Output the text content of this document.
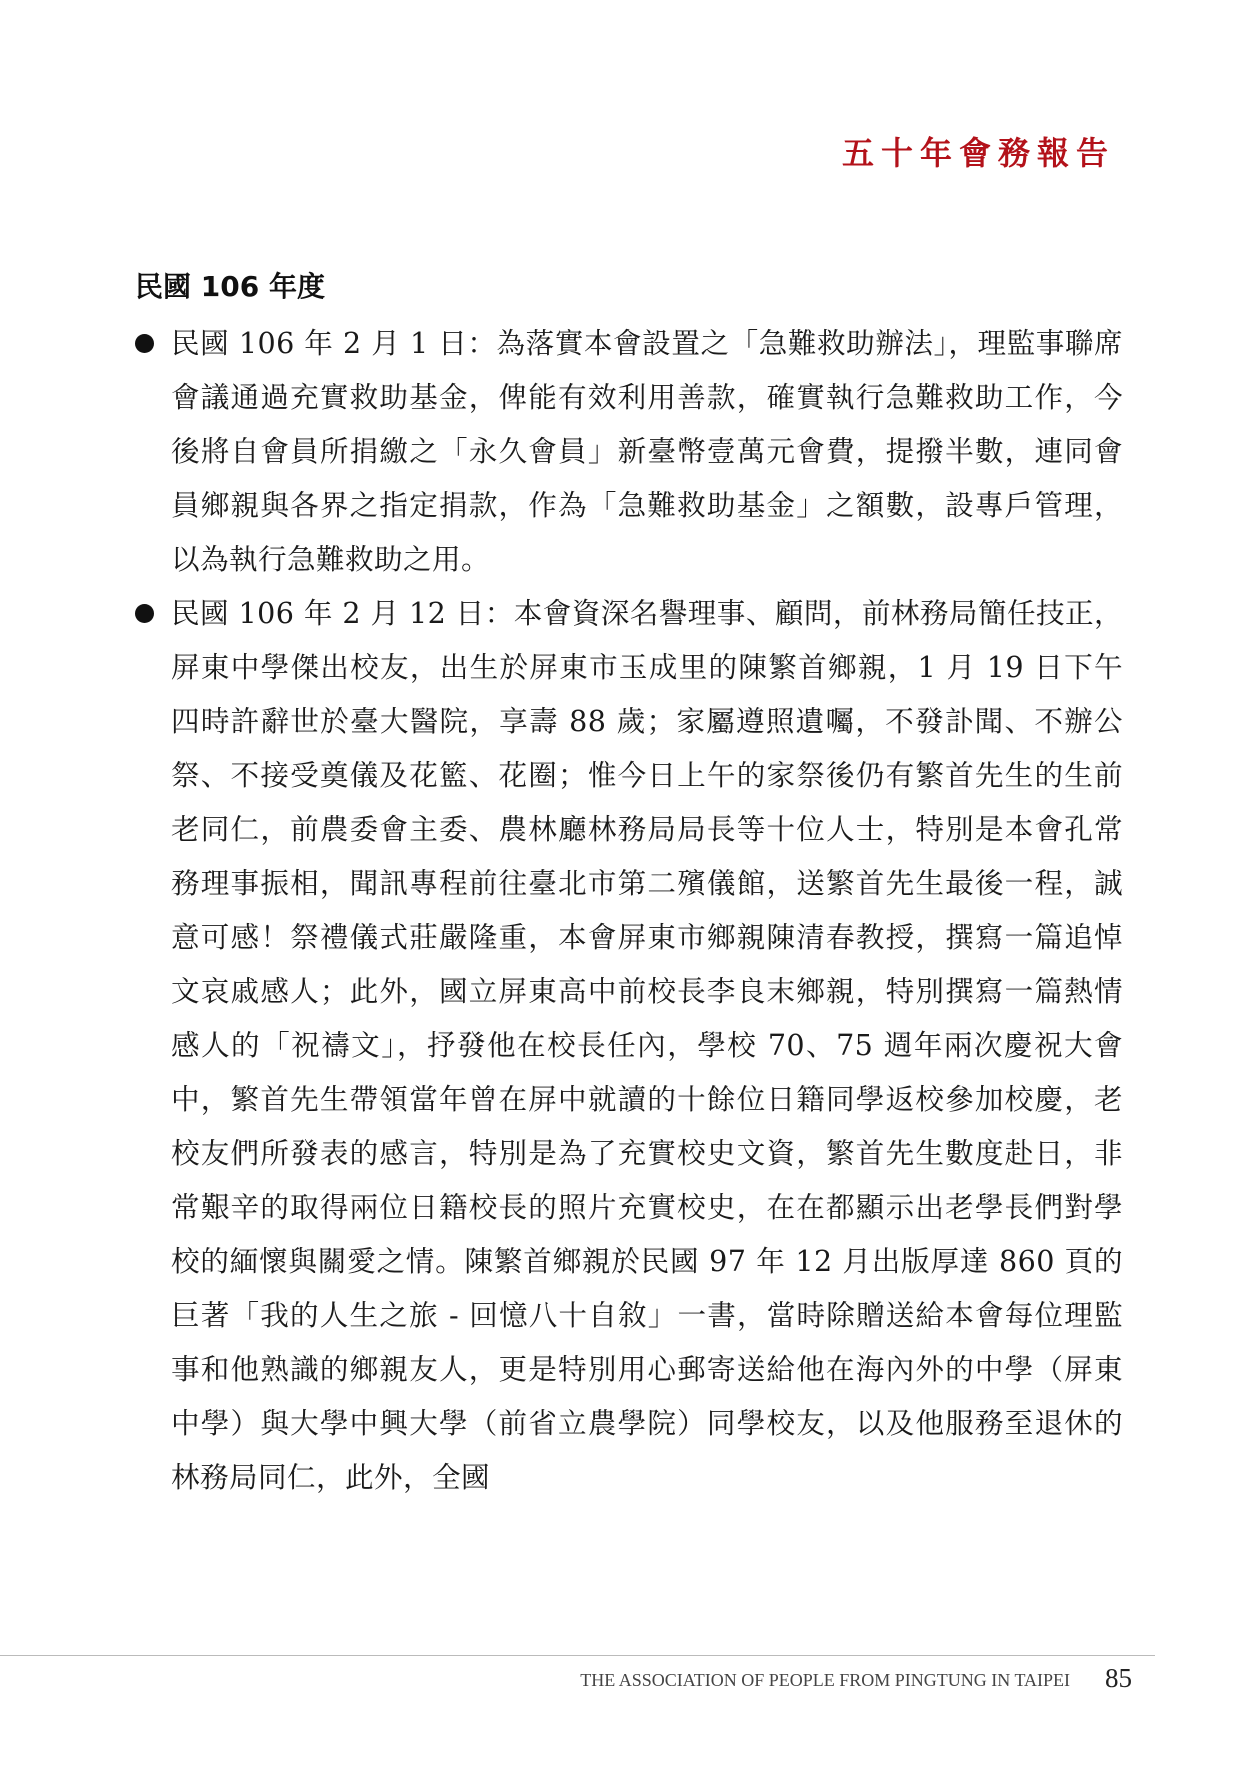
五十年會務報告
民國 106 年度
民國 106 年 2 月 1 日：為落實本會設置之「急難救助辦法」，理監事聯席會議通過充實救助基金，俾能有效利用善款，確實執行急難救助工作，今後將自會員所捐繳之「永久會員」新臺幣壹萬元會費，提撥半數，連同會員鄉親與各界之指定捐款，作為「急難救助基金」之額數，設專戶管理，以為執行急難救助之用。
民國 106 年 2 月 12 日：本會資深名譽理事、顧問，前林務局簡任技正，屏東中學傑出校友，出生於屏東市玉成里的陳繁首鄉親，1 月 19 日下午四時許辭世於臺大醫院，享壽 88 歲；家屬遵照遺囑，不發訃聞、不辦公祭、不接受奠儀及花籃、花圈；惟今日上午的家祭後仍有繁首先生的生前老同仁，前農委會主委、農林廳林務局局長等十位人士，特別是本會孔常務理事振相，聞訊專程前往臺北市第二殯儀館，送繁首先生最後一程，誠意可感！祭禮儀式莊嚴隆重，本會屏東市鄉親陳清春教授，撰寫一篇追悼文哀戚感人；此外，國立屏東高中前校長李良末鄉親，特別撰寫一篇熱情感人的「祝禱文」，抒發他在校長任內，學校 70、75 週年兩次慶祝大會中，繁首先生帶領當年曾在屏中就讀的十餘位日籍同學返校參加校慶，老校友們所發表的感言，特別是為了充實校史文資，繁首先生數度赴日，非常艱辛的取得兩位日籍校長的照片充實校史，在在都顯示出老學長們對學校的緬懷與關愛之情。陳繁首鄉親於民國 97 年 12 月出版厚達 860 頁的巨著「我的人生之旅 - 回憶八十自敘」一書，當時除贈送給本會每位理監事和他熟識的鄉親友人，更是特別用心郵寄送給他在海內外的中學（屏東中學）與大學中興大學（前省立農學院）同學校友，以及他服務至退休的林務局同仁，此外，全國
THE ASSOCIATION OF PEOPLE FROM PINGTUNG IN TAIPEI 85
